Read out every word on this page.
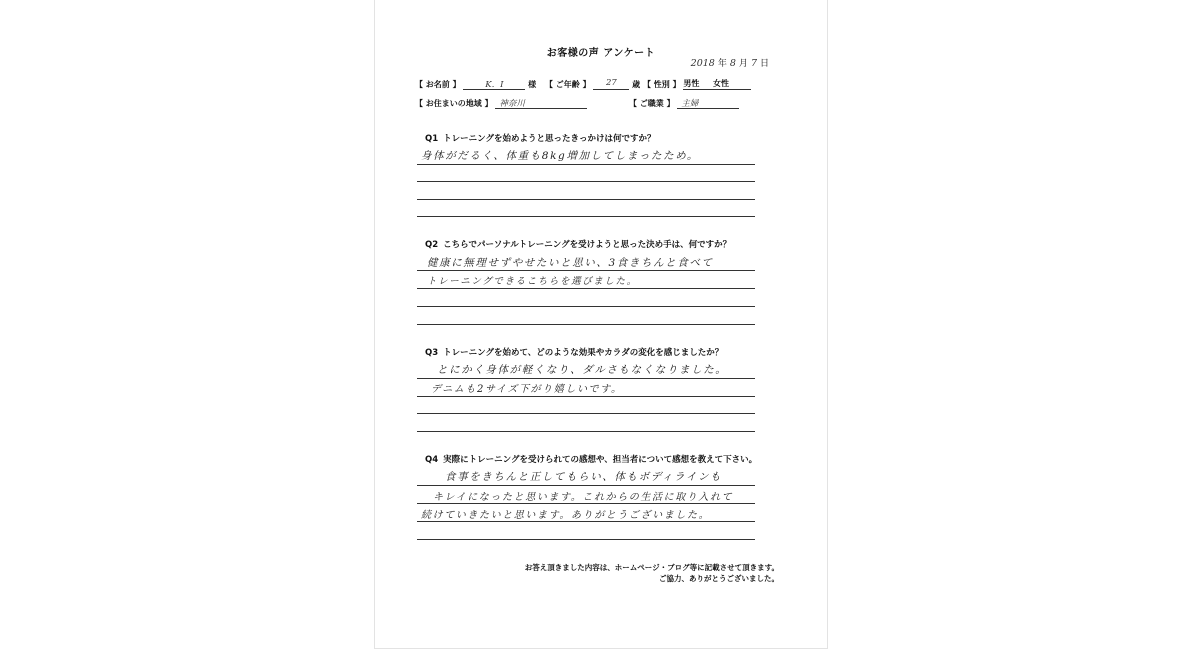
お客様の声 アンケート
2018 年 8 月 7 日
【 お名前 】	K．I	様 【 ご年齢 】 27 歳 【 性別 】 男性 女性
【 お住まいの地域 】 神奈川	【 ご職業 】 主婦
Q1 トレーニングを始めようと思ったきっかけは何ですか？
身体がだるく、体重も8kg増加してしまったため。
Q2 こちらでパーソナルトレーニングを受けようと思った決め手は、何ですか？
健康に無理せずやせたいと思い、3食きちんと食べて
トレーニングできるこちらを選びました。
Q3 トレーニングを始めて、どのような効果やカラダの変化を感じましたか？
とにかく身体が軽くなり、ダルさもなくなりました。
デニムも2サイズ下がり嬉しいです。
Q4 実際にトレーニングを受けられての感想や、担当者について感想を教えて下さい。
食事をきちんと正してもらい、体もボディラインも
キレイになったと思います。これからの生活に取り入れて
続けていきたいと思います。ありがとうございました。
お答え頂きました内容は、ホームページ・ブログ等に記載させて頂きます。
ご協力、ありがとうございました。
